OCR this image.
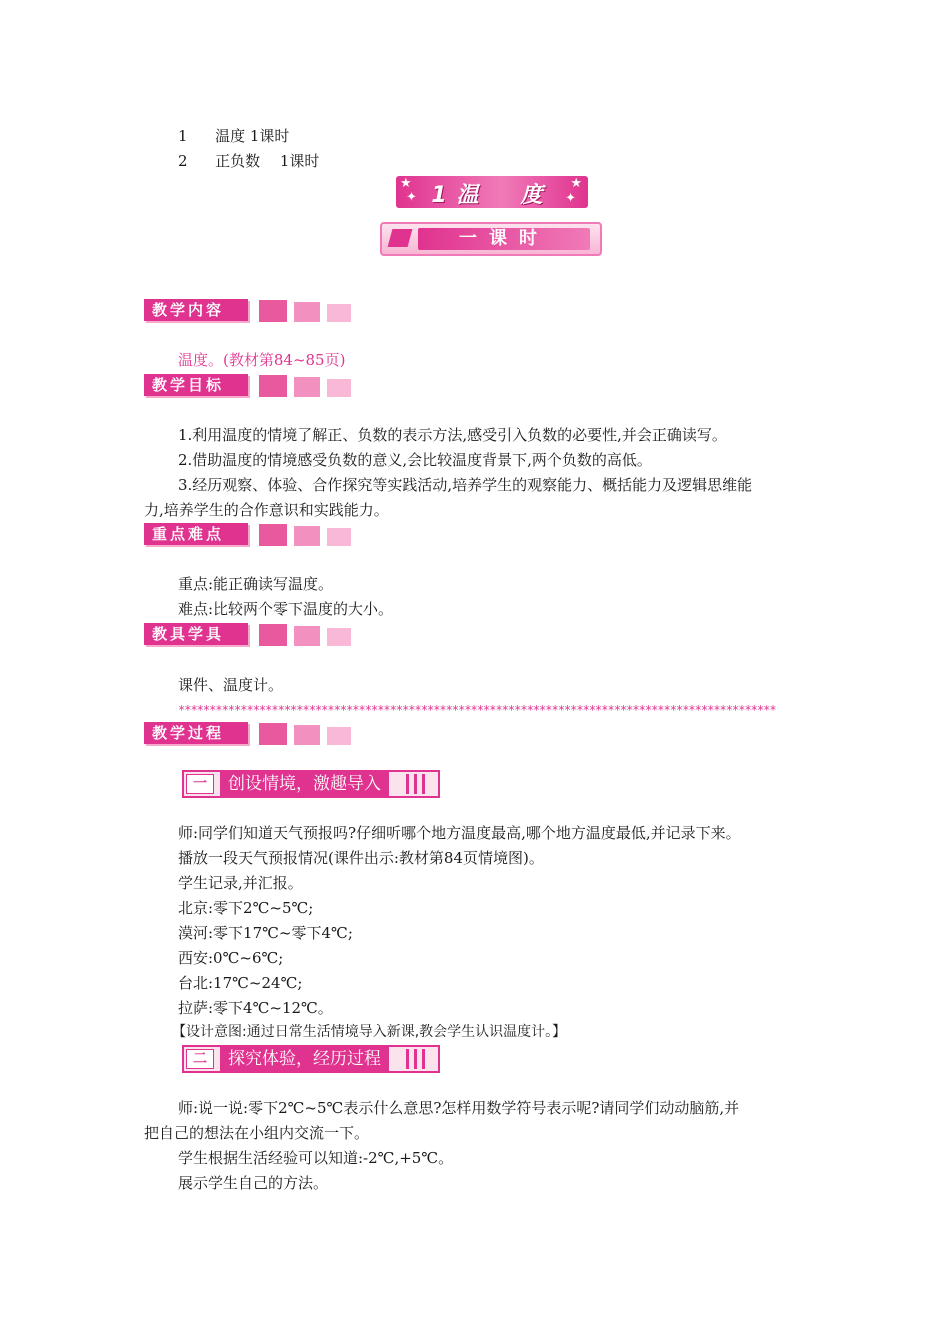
1 温度 1课时
2 正负数　 1课时
★
✦
★
✦
1温　度
一课时
教学内容
温度。(教材第84~85页)
教学目标
1.利用温度的情境了解正、负数的表示方法,感受引入负数的必要性,并会正确读写。
2.借助温度的情境感受负数的意义,会比较温度背景下,两个负数的高低。
3.经历观察、体验、合作探究等实践活动,培养学生的观察能力、概括能力及逻辑思维能
力,培养学生的合作意识和实践能力。
重点难点
重点:能正确读写温度。
难点:比较两个零下温度的大小。
教具学具
课件、温度计。
************************************************************************************************
教学过程
一	创设情境，激趣导入
师:同学们知道天气预报吗?仔细听哪个地方温度最高,哪个地方温度最低,并记录下来。
播放一段天气预报情况(课件出示:教材第84页情境图)。
学生记录,并汇报。
北京:零下2℃~5℃;
漠河:零下17℃~零下4℃;
西安:0℃~6℃;
台北:17℃~24℃;
拉萨:零下4℃~12℃。
【设计意图:通过日常生活情境导入新课,教会学生认识温度计。】
二	探究体验，经历过程
师:说一说:零下2℃~5℃表示什么意思?怎样用数学符号表示呢?请同学们动动脑筋,并
把自己的想法在小组内交流一下。
学生根据生活经验可以知道:-2℃,+5℃。
展示学生自己的方法。
